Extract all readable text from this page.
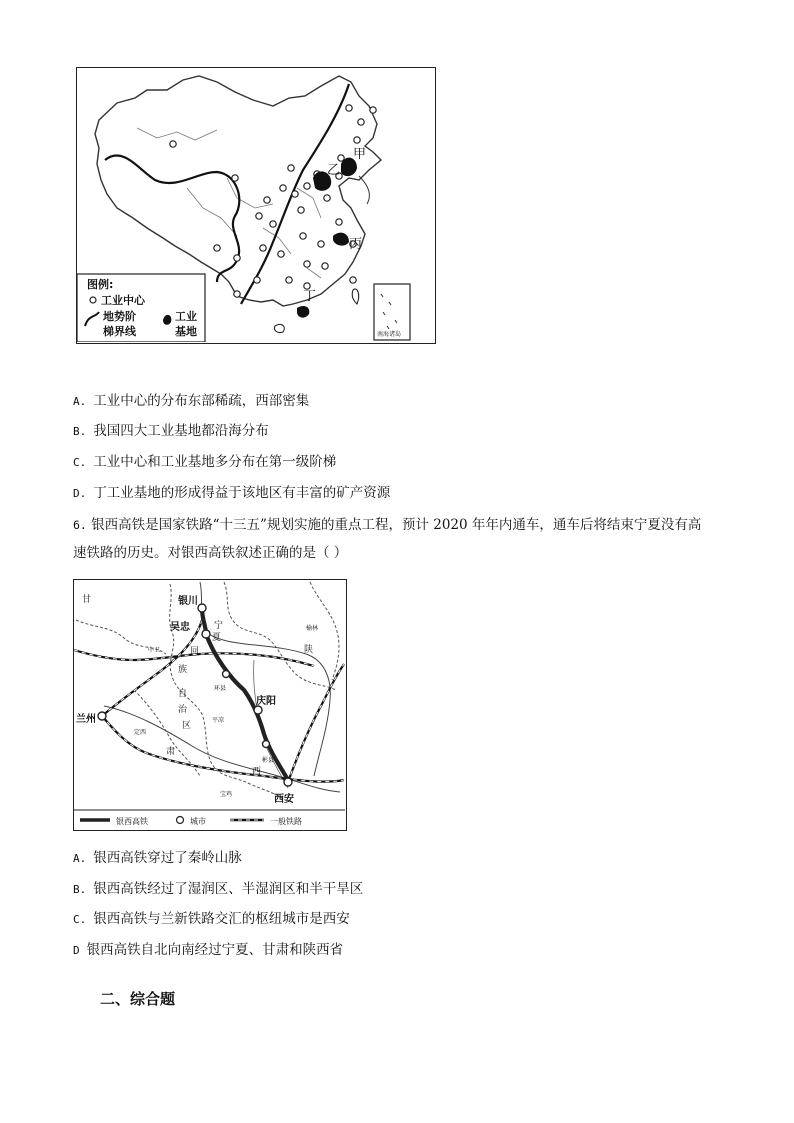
甲
乙
丙
丁
图例:
工业中心
地势阶
梯界线
工业
基地	南海诸岛
A. 工业中心的分布东部稀疏，西部密集
B. 我国四大工业基地都沿海分布
C. 工业中心和工业基地多分布在第一级阶梯
D. 丁工业基地的形成得益于该地区有丰富的矿产资源
6. 银西高铁是国家铁路“十三五”规划实施的重点工程，预计 2020 年年内通车，通车后将结束宁夏没有高
速铁路的历史。对银西高铁叙述正确的是（ ）
银川
吴忠
兰州
庆阳
西安
中卫
榆林
环县
定西
平凉
彬县
宝鸡
甘
宁
夏
回
族
自
治
区
陕
肃
西
银西高铁	城市	一般铁路
A. 银西高铁穿过了秦岭山脉
B. 银西高铁经过了湿润区、半湿润区和半干旱区
C. 银西高铁与兰新铁路交汇的枢纽城市是西安
D 银西高铁自北向南经过宁夏、甘肃和陕西省
二、综合题
